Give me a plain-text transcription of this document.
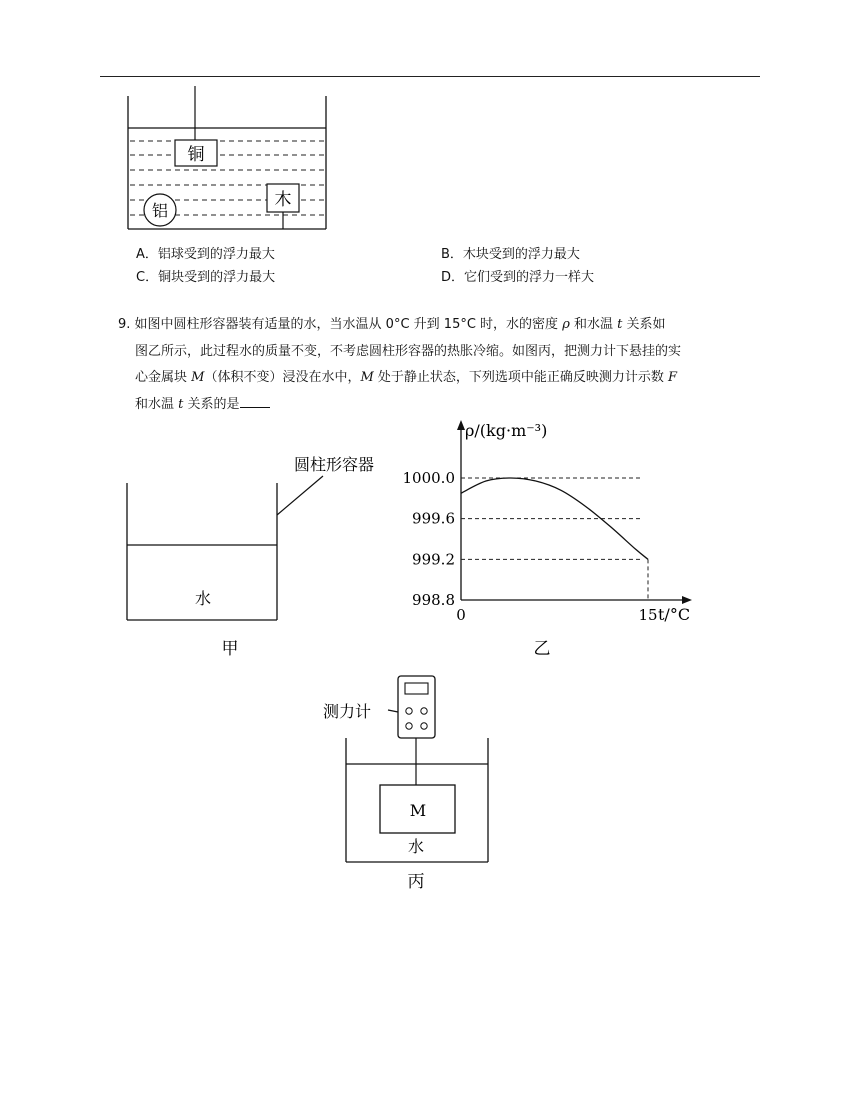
铜
木
铝
A．铝球受到的浮力最大	B．木块受到的浮力最大
C．铜块受到的浮力最大	D．它们受到的浮力一样大
9. 如图中圆柱形容器装有适量的水，当水温从 0°C 升到 15°C 时，水的密度 ρ 和水温 t 关系如
图乙所示，此过程水的质量不变，不考虑圆柱形容器的热胀冷缩。如图丙，把测力计下悬挂的实
心金属块 M（体积不变）浸没在水中，M 处于静止状态，下列选项中能正确反映测力计示数 F
和水温 t 关系的是
圆柱形容器
水
甲
1000.0
999.6
999.2
998.8
0	15
ρ/(kg·m⁻³)
t/°C
乙
测力计
M
水
丙
